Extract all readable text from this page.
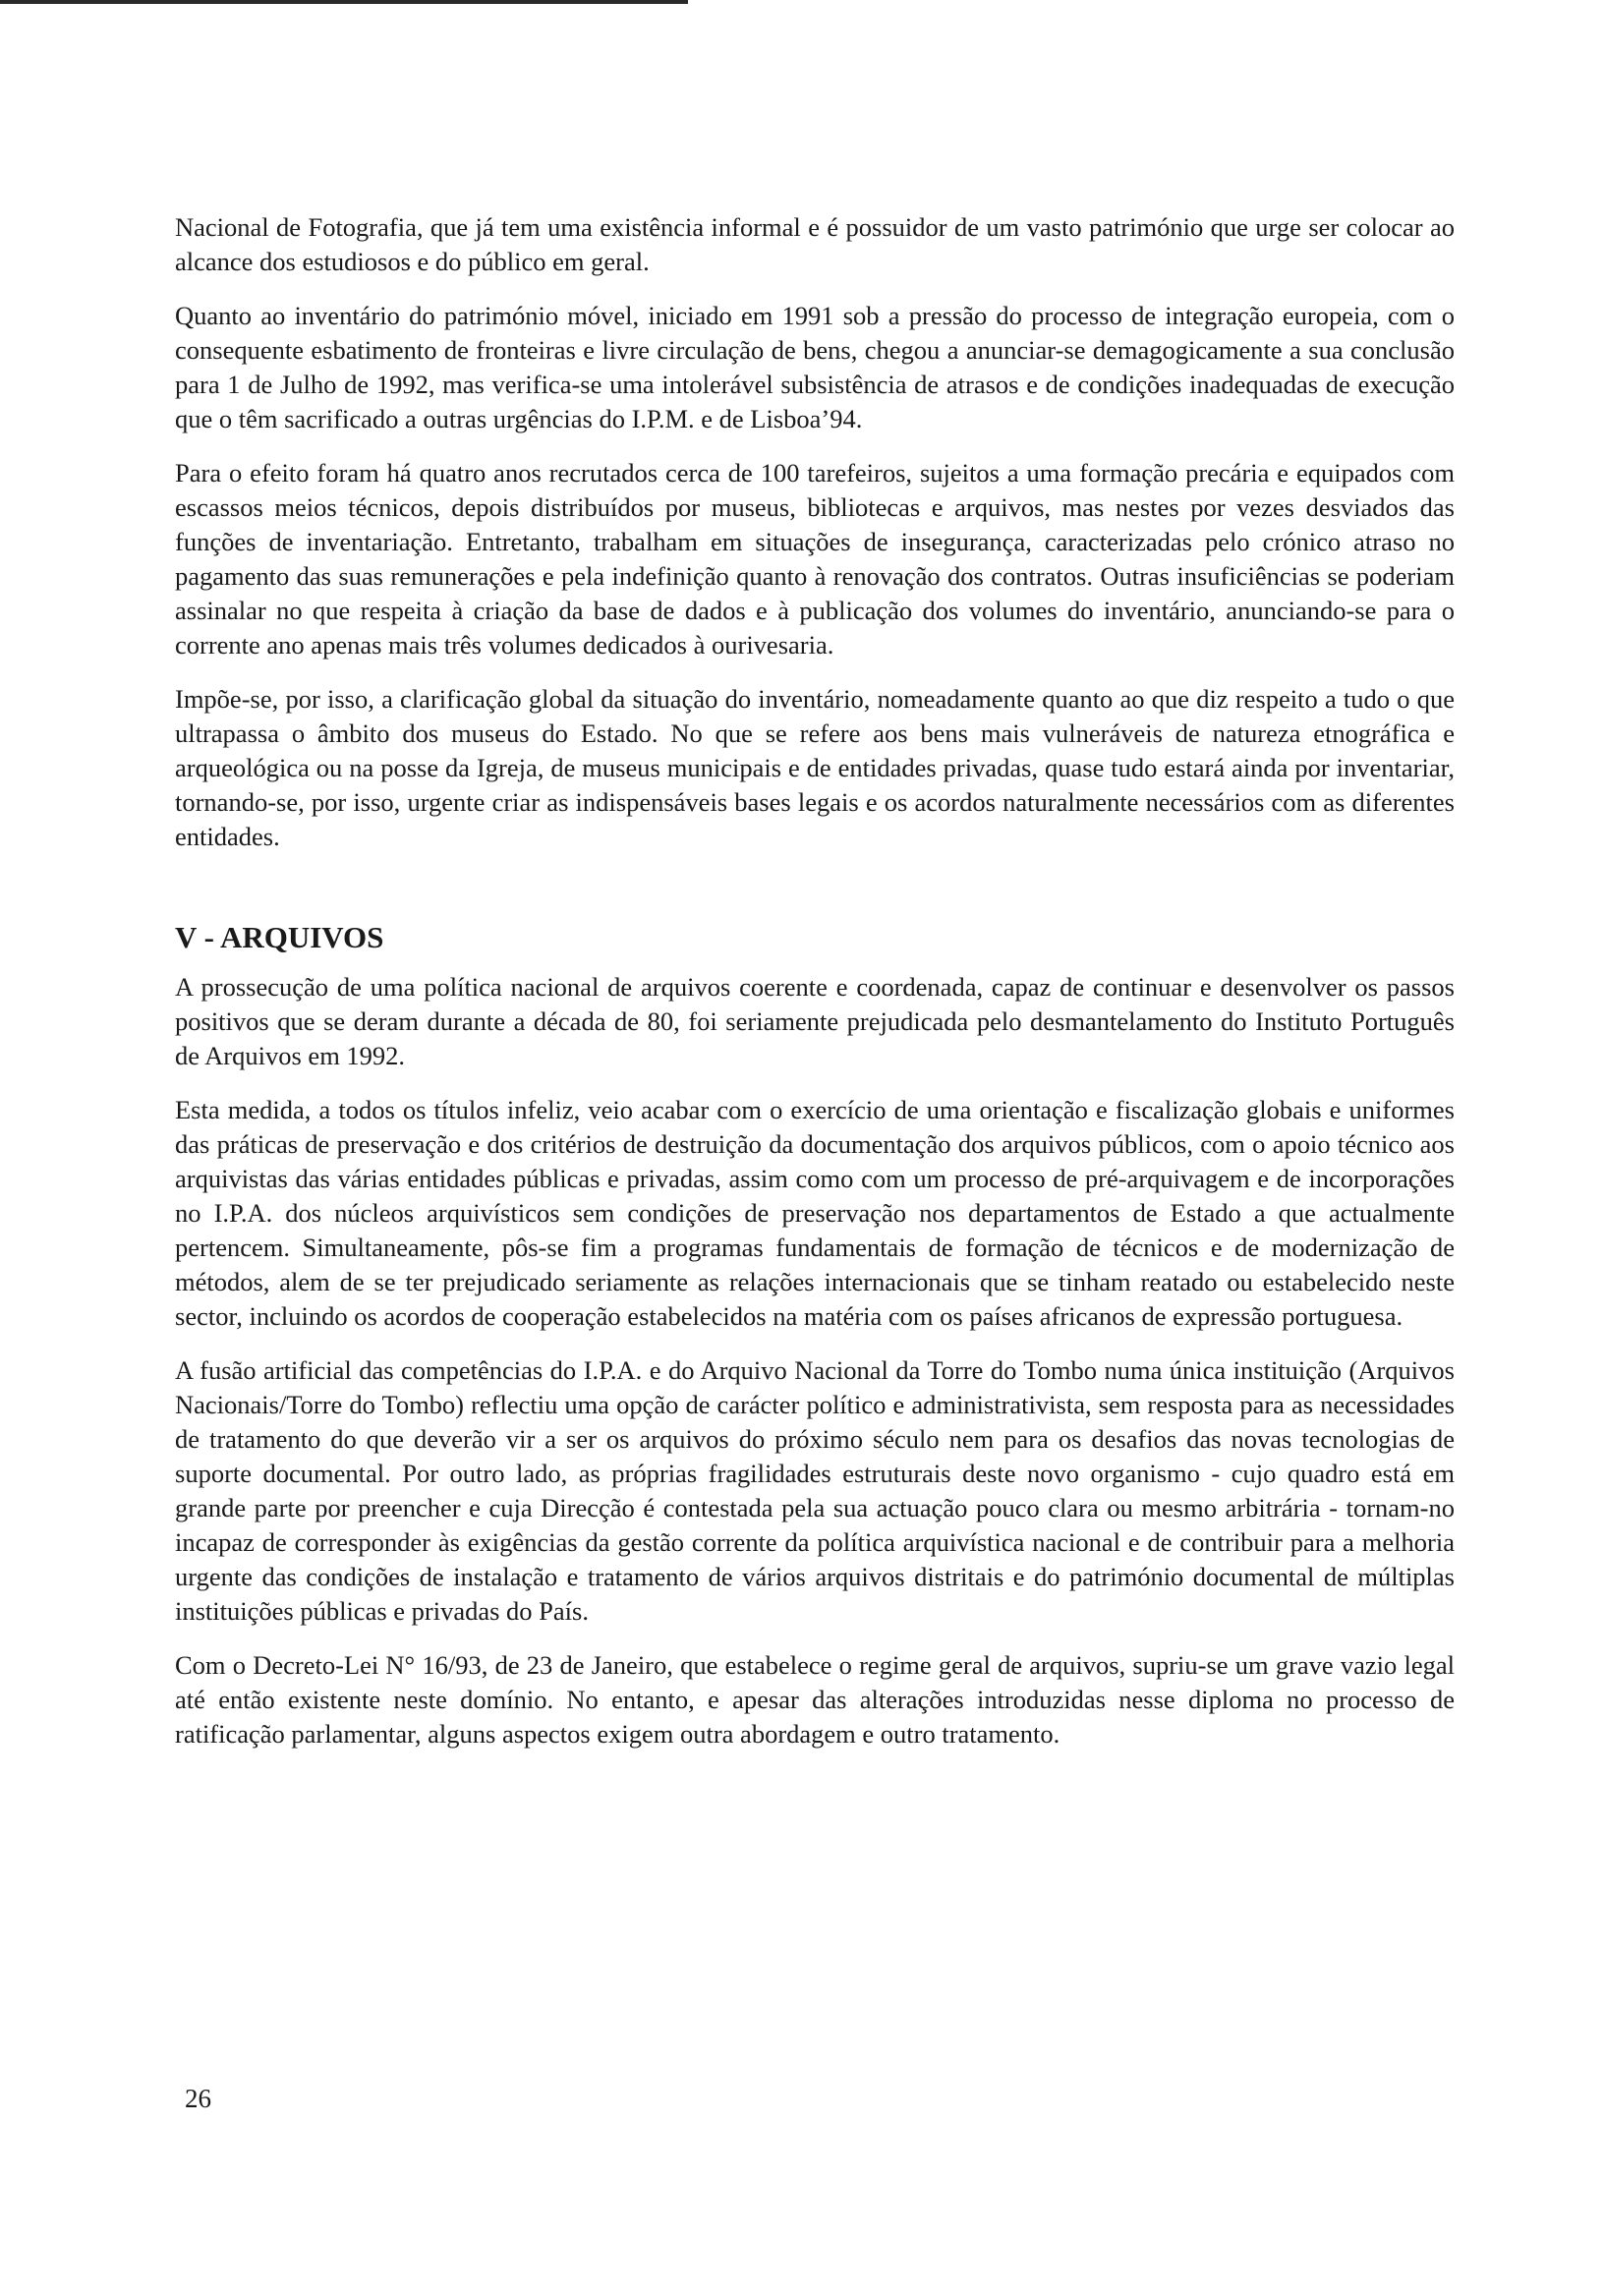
Nacional de Fotografia, que já tem uma existência informal e é possuidor de um vasto património que urge ser colocar ao alcance dos estudiosos e do público em geral.

Quanto ao inventário do património móvel, iniciado em 1991 sob a pressão do processo de integração europeia, com o consequente esbatimento de fronteiras e livre circulação de bens, chegou a anunciar-se demagogicamente a sua conclusão para 1 de Julho de 1992, mas verifica-se uma intolerável subsistência de atrasos e de condições inadequadas de execução que o têm sacrificado a outras urgências do I.P.M. e de Lisboa’94.

Para o efeito foram há quatro anos recrutados cerca de 100 tarefeiros, sujeitos a uma formação precária e equipados com escassos meios técnicos, depois distribuídos por museus, bibliotecas e arquivos, mas nestes por vezes desviados das funções de inventariação. Entretanto, trabalham em situações de insegurança, caracterizadas pelo crónico atraso no pagamento das suas remunerações e pela indefinição quanto à renovação dos contratos. Outras insuficiências se poderiam assinalar no que respeita à criação da base de dados e à publicação dos volumes do inventário, anunciando-se para o corrente ano apenas mais três volumes dedicados à ourivesaria.

Impõe-se, por isso, a clarificação global da situação do inventário, nomeadamente quanto ao que diz respeito a tudo o que ultrapassa o âmbito dos museus do Estado. No que se refere aos bens mais vulneráveis de natureza etnográfica e arqueológica ou na posse da Igreja, de museus municipais e de entidades privadas, quase tudo estará ainda por inventariar, tornando-se, por isso, urgente criar as indispensáveis bases legais e os acordos naturalmente necessários com as diferentes entidades.

V - ARQUIVOS

A prossecução de uma política nacional de arquivos coerente e coordenada, capaz de continuar e desenvolver os passos positivos que se deram durante a década de 80, foi seriamente prejudicada pelo desmantelamento do Instituto Português de Arquivos em 1992.

Esta medida, a todos os títulos infeliz, veio acabar com o exercício de uma orientação e fiscalização globais e uniformes das práticas de preservação e dos critérios de destruição da documentação dos arquivos públicos, com o apoio técnico aos arquivistas das várias entidades públicas e privadas, assim como com um processo de pré-arquivagem e de incorporações no I.P.A. dos núcleos arquivísticos sem condições de preservação nos departamentos de Estado a que actualmente pertencem. Simultaneamente, pôs-se fim a programas fundamentais de formação de técnicos e de modernização de métodos, alem de se ter prejudicado seriamente as relações internacionais que se tinham reatado ou estabelecido neste sector, incluindo os acordos de cooperação estabelecidos na matéria com os países africanos de expressão portuguesa.

A fusão artificial das competências do I.P.A. e do Arquivo Nacional da Torre do Tombo numa única instituição (Arquivos Nacionais/Torre do Tombo) reflectiu uma opção de carácter político e administrativista, sem resposta para as necessidades de tratamento do que deverão vir a ser os arquivos do próximo século nem para os desafios das novas tecnologias de suporte documental. Por outro lado, as próprias fragilidades estruturais deste novo organismo - cujo quadro está em grande parte por preencher e cuja Direcção é contestada pela sua actuação pouco clara ou mesmo arbitrária - tornam-no incapaz de corresponder às exigências da gestão corrente da política arquivística nacional e de contribuir para a melhoria urgente das condições de instalação e tratamento de vários arquivos distritais e do património documental de múltiplas instituições públicas e privadas do País.

Com o Decreto-Lei N° 16/93, de 23 de Janeiro, que estabelece o regime geral de arquivos, supriu-se um grave vazio legal até então existente neste domínio. No entanto, e apesar das alterações introduzidas nesse diploma no processo de ratificação parlamentar, alguns aspectos exigem outra abordagem e outro tratamento.

26
